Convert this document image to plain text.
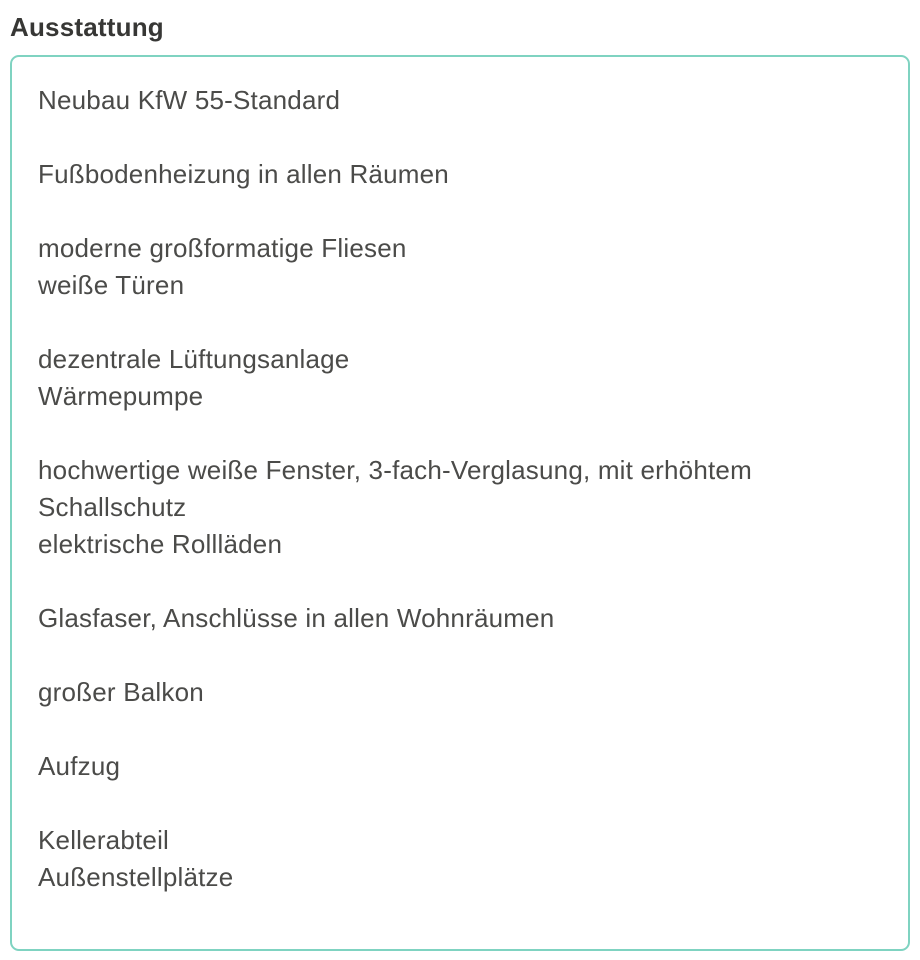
Ausstattung
Neubau KfW 55-Standard
Fußbodenheizung in allen Räumen
moderne großformatige Fliesen
weiße Türen
dezentrale Lüftungsanlage
Wärmepumpe
hochwertige weiße Fenster, 3-fach-Verglasung, mit erhöhtem Schallschutz
elektrische Rollläden
Glasfaser, Anschlüsse in allen Wohnräumen
großer Balkon
Aufzug
Kellerabteil
Außenstellplätze
